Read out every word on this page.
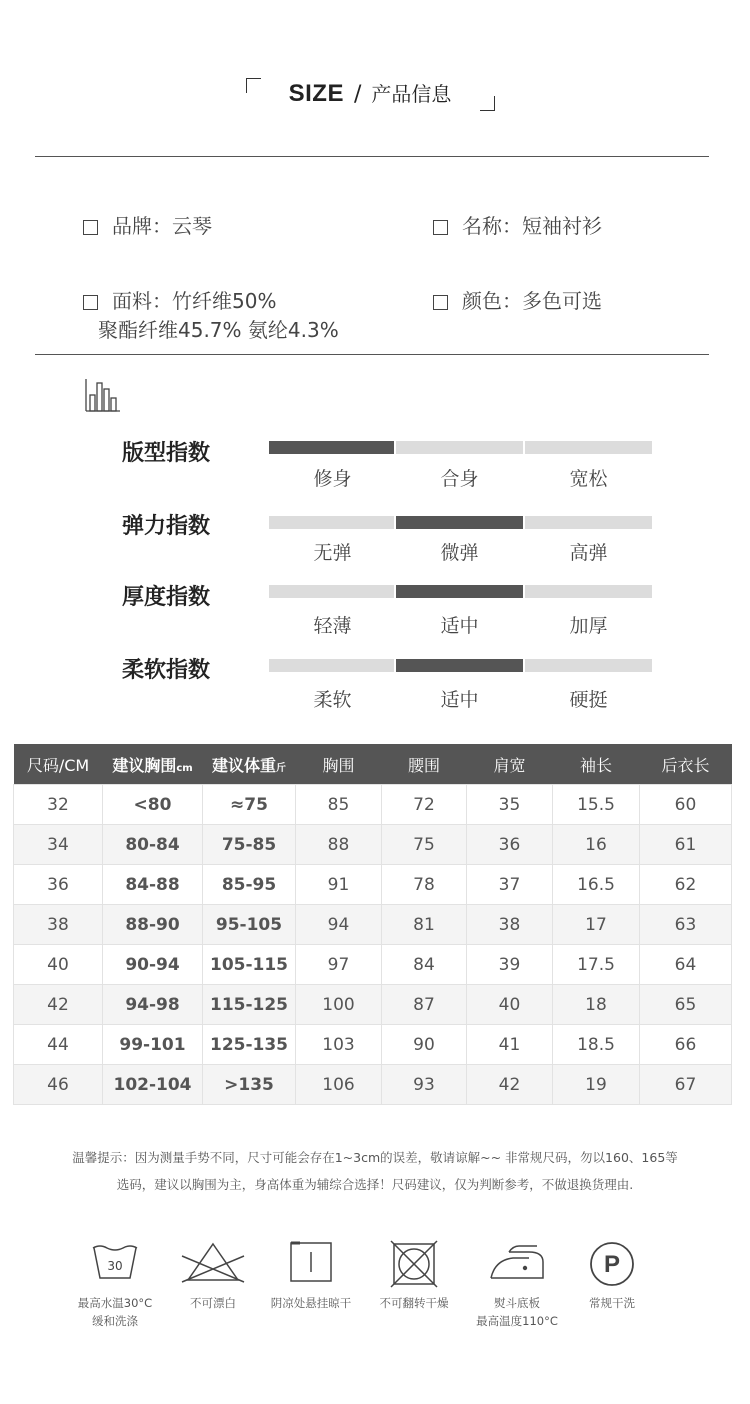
SIZE / 产品信息
品牌：云琴	名称：短袖衬衫
面料：竹纤维50%
聚酯纤维45.7% 氨纶4.3%
颜色：多色可选
版型指数
修身	合身	宽松
弹力指数
无弹	微弹	高弹
厚度指数
轻薄	适中	加厚
柔软指数
柔软	适中	硬挺
尺码/CM	建议胸围cm	建议体重斤	胸围	腰围	肩宽	袖长	后衣长
32	<80	≈75	85	72	35	15.5	60
34	80-84	75-85	88	75	36	16	61
36	84-88	85-95	91	78	37	16.5	62
38	88-90	95-105	94	81	38	17	63
40	90-94	105-115	97	84	39	17.5	64
42	94-98	115-125	100	87	40	18	65
44	99-101	125-135	103	90	41	18.5	66
46	102-104	>135	106	93	42	19	67
温馨提示：因为测量手势不同，尺寸可能会存在1~3cm的误差，敬请谅解~~ 非常规尺码，勿以160、165等
选码，建议以胸围为主，身高体重为辅综合选择！尺码建议，仅为判断参考，不做退换货理由.
30
最高水温30°C
缓和洗涤
不可漂白	阴凉处悬挂晾干	不可翻转干燥	熨斗底板
最高温度110°C
P
常规干洗
